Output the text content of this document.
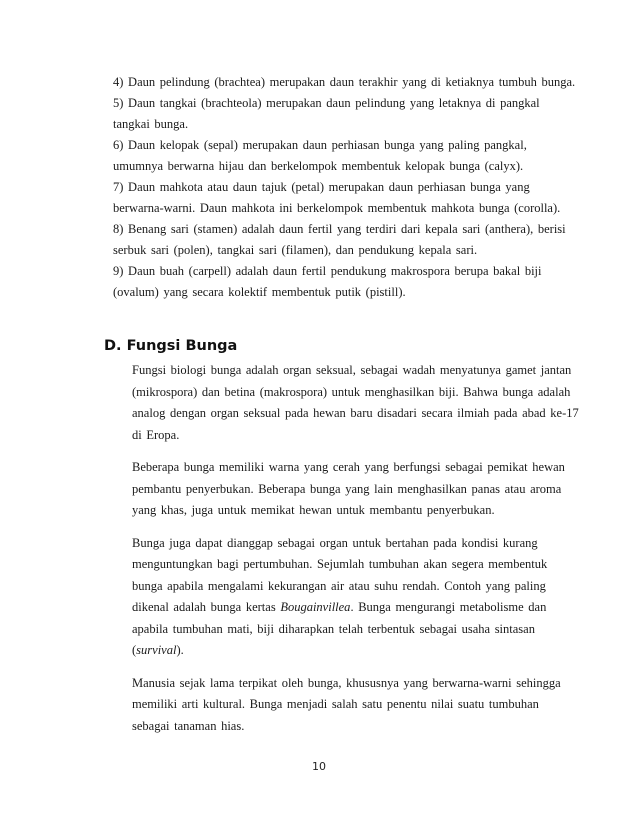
4) Daun pelindung (brachtea) merupakan daun terakhir yang di ketiaknya tumbuh bunga.
5) Daun tangkai (brachteola) merupakan daun pelindung yang letaknya di pangkal
tangkai bunga.
6) Daun kelopak (sepal) merupakan daun perhiasan bunga yang paling pangkal,
umumnya berwarna hijau dan berkelompok membentuk kelopak bunga (calyx).
7) Daun mahkota atau daun tajuk (petal) merupakan daun perhiasan bunga yang
berwarna-warni. Daun mahkota ini berkelompok membentuk mahkota bunga (corolla).
8) Benang sari (stamen) adalah daun fertil yang terdiri dari kepala sari (anthera), berisi
serbuk sari (polen), tangkai sari (filamen), dan pendukung kepala sari.
9) Daun buah (carpell) adalah daun fertil pendukung makrospora berupa bakal biji
(ovalum) yang secara kolektif membentuk putik (pistill).
D. Fungsi Bunga
Fungsi biologi bunga adalah organ seksual, sebagai wadah menyatunya gamet jantan
(mikrospora) dan betina (makrospora) untuk menghasilkan biji. Bahwa bunga adalah
analog dengan organ seksual pada hewan baru disadari secara ilmiah pada abad ke-17
di Eropa.
Beberapa bunga memiliki warna yang cerah yang berfungsi sebagai pemikat hewan
pembantu penyerbukan. Beberapa bunga yang lain menghasilkan panas atau aroma
yang khas, juga untuk memikat hewan untuk membantu penyerbukan.
Bunga juga dapat dianggap sebagai organ untuk bertahan pada kondisi kurang
menguntungkan bagi pertumbuhan. Sejumlah tumbuhan akan segera membentuk
bunga apabila mengalami kekurangan air atau suhu rendah. Contoh yang paling
dikenal adalah bunga kertas Bougainvillea. Bunga mengurangi metabolisme dan
apabila tumbuhan mati, biji diharapkan telah terbentuk sebagai usaha sintasan
(survival).
Manusia sejak lama terpikat oleh bunga, khususnya yang berwarna-warni sehingga
memiliki arti kultural. Bunga menjadi salah satu penentu nilai suatu tumbuhan
sebagai tanaman hias.
10
